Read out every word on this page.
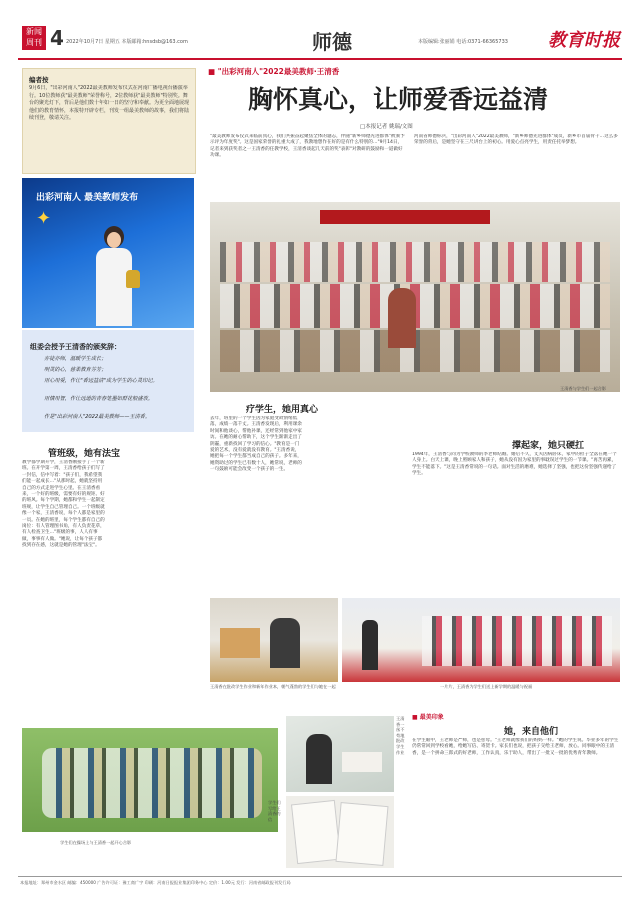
新闻
周刊 4 2022年10月7日 星期五 本版邮箱:hnsdsb@163.com	师德	本版编辑:张丽娟 电话:0371-66365733 教育时报
编者按
9月6日，"出彩河南人"2022最美教师发布仪式在河南广播电视台播演举行。10位教师获"最美教师"荣誉称号，2位教师获"最美教师"特别奖。舞台的聚光灯下，背后是他们数十年如一日的坚守和奉献。为更全面地展现他们的教育情怀，本报特开辟专栏，刊发一组最美教师的故事，我们将陆续刊登，敬请关注。
■ "出彩河南人"2022最美教师·王清香
胸怀真心，让师爱香远益清
□本报记者 姚瑞/文图
"最美教师发布仪式来临前真心，我们共振奋起聚焦全体的题志，伴随"新乡师德先进群体"被颁予示评为年度奖"。这是国家荣誉的礼重大成了，我教地想作在好的是有什么特别的…"9月14日，记者来到获奖者之一王清香的任教学校，王清香谈起几天前的奖"表彰"对教研的鼓励和一道做好功课。
河南省师德标兵，"出彩河南人"2022最美教师，"新乡师德先进群体"成员，新乡市首届骨干…这么多荣誉的背后，是她坚守在三尺讲台上的初心。用爱心点亮学生，用责任托举梦想。
出彩河南人 最美教师发布
✦
组委会授予王清香的颁奖辞：
亦徒亦师，温暖学生成长；
明灵的心，慈柔教育芬芳；
用心用爱，作让"香远益清"成为学生的心灵印记。
用情用智，作让远道的青春笔墨如群花般盛放。
作是"出彩河南人"2022最美教师——王清香。
管班级，她有法宝
教学都学期开学，王清香刚接手了一个新班。在开学第一周，王清香给孩子们写了一封信，信中写着："孩子们，我希望我们能一起成长…"从那时起，她就坚持用自己的方式走进学生心里。在王清香看来，一个好的班级，需要有好的规矩、好的班风。每个学期，她都和学生一起制定班规，让学生自己管理自己。一个班级就像一个家，王清香说，每个人都是家里的一员。在她的班里，每个学生都有自己的岗位：有人管理图书角，有人负责花草，有人检查卫生…"班级的事，人人有事做，事事有人做。"她说，让每个孩子都找到存在感，这就是她的管理"法宝"。
王清香与学生们一起合影
疗学生，她用真心
去年，班里的一个学生因为家庭变故情绪低落，成绩一落千丈。王清香发现后，利用课余时间和他谈心，帮他补课，还经常到他家中家访。在她的耐心帮助下，这个学生渐渐走出了阴霾，重新找回了学习的信心。"教育是一门爱的艺术，没有爱就没有教育。"王清香说，她把每一个学生都当成自己的孩子。多年来，她资助过的学生已有数十人，她常说，老师的一句鼓励可能会改变一个孩子的一生。
撑起家，她只硬扛
1994年，王清香与同为学校教师的李老师结婚。婚后不久，丈夫因病卧床，家中的担子全落在她一个人身上。白天上课，晚上照顾家人和孩子，她从没有因为家里的事耽误过学生的一节课。"再苦再累，学生不能落下。"这是王清香常说的一句话。面对生活的磨难，她选择了坚强，也把这份坚强传递给了学生。
王清香在批改学生作业和新年作业本，朝气蓬勃的学生们与她在一起	一片片，王清香为学生们送上新学期的温暖与祝福
学生们在操场上与王清香一起开心合影
王清香一丝不苟地批改学生作业
学生们写给王清香的信
■ 最美印象
她，来自他们
在学生眼中，王老师是严师，也是慈母。"王老师就像我们的妈妈一样。"她的学生说。毕业多年的学生仍常常回到学校看她，给她写信、寄贺卡。家长们也说，把孩子交给王老师，放心。同事眼中的王清香，是一个拼命三郎式的好老师，工作认真，乐于助人，带出了一批又一批的优秀青年教师。
本报地址：郑州市金水区 邮编：450000 广告许可证：豫工商广字 印刷：河南日报报业集团印务中心 定价：1.00元 发行：河南省邮政报刊发行局
